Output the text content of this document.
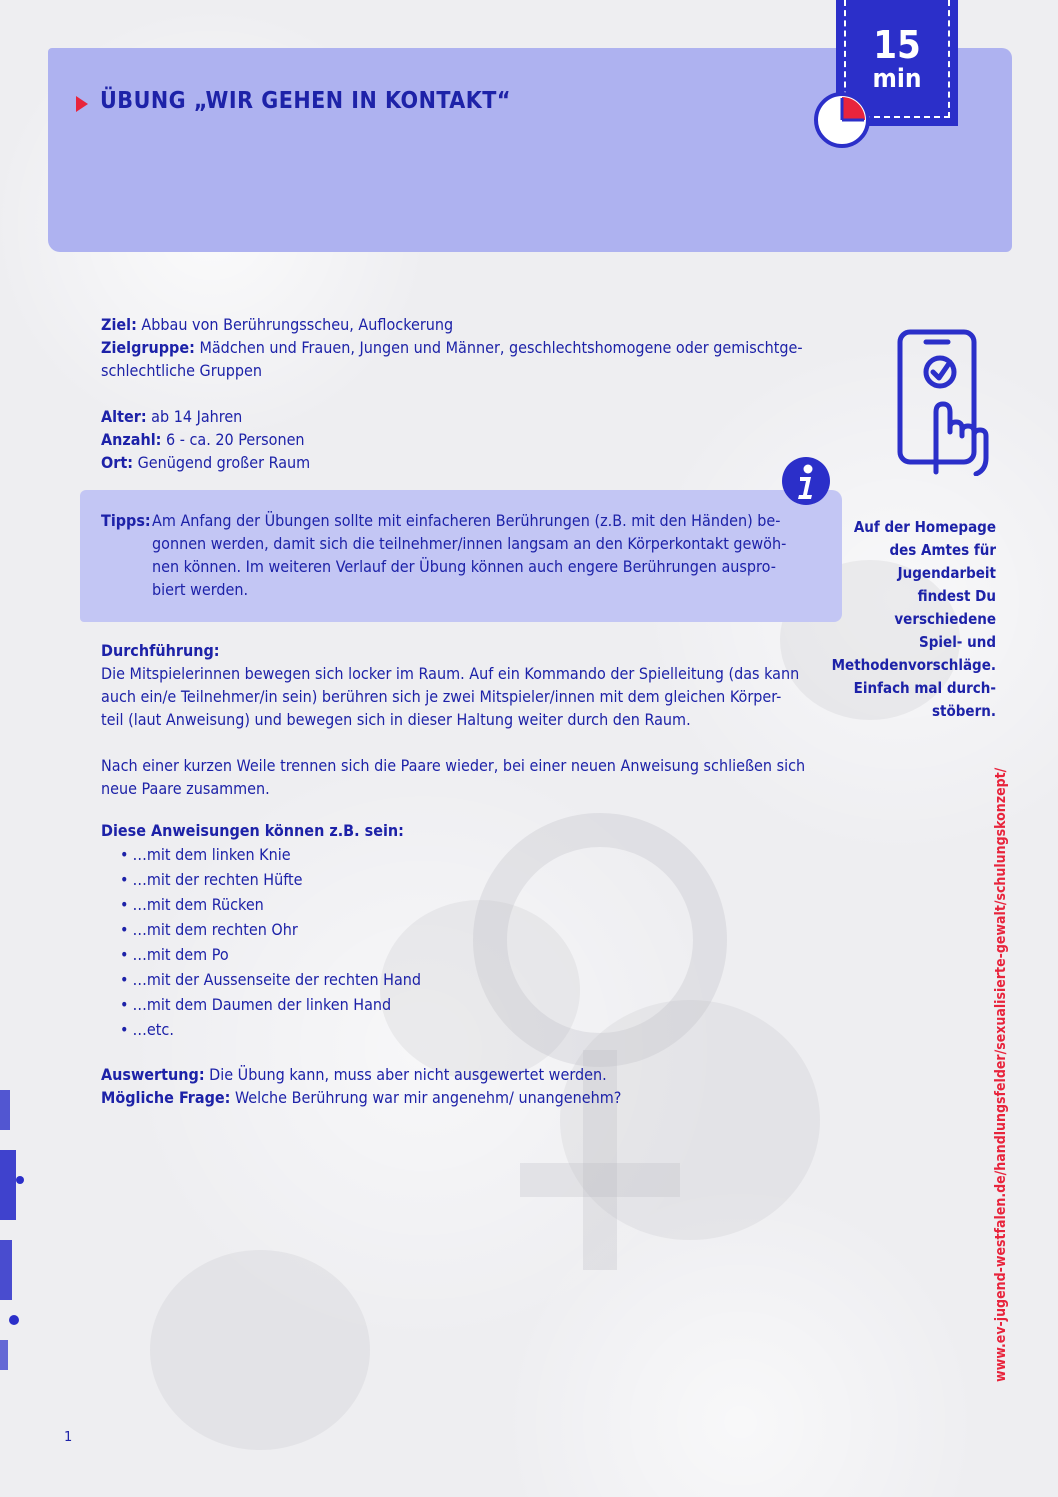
ÜBUNG „WIR GEHEN IN KONTAKT“
15
min

Ziel: Abbau von Berührungsscheu, Auflockerung

Zielgruppe: Mädchen und Frauen, Jungen und Männer, geschlechtshomogene oder gemischtge-

schlechtliche Gruppen

Alter: ab 14 Jahren

Anzahl: 6 - ca. 20 Personen

Ort: Genügend großer Raum

Tipps: Am Anfang der Übungen sollte mit einfacheren Berührungen (z.B. mit den Händen) be-

gonnen werden, damit sich die teilnehmer/innen langsam an den Körperkontakt gewöh-

nen können. Im weiteren Verlauf der Übung können auch engere Berührungen auspro-

biert werden.

Durchführung:

Die Mitspielerinnen bewegen sich locker im Raum. Auf ein Kommando der Spielleitung (das kann

auch ein/e Teilnehmer/in sein) berühren sich je zwei Mitspieler/innen mit dem gleichen Körper-

teil (laut Anweisung) und bewegen sich in dieser Haltung weiter durch den Raum.

Nach einer kurzen Weile trennen sich die Paare wieder, bei einer neuen Anweisung schließen sich

neue Paare zusammen.

Diese Anweisungen können z.B. sein:

• …mit dem linken Knie
• …mit der rechten Hüfte
• …mit dem Rücken
• …mit dem rechten Ohr
• …mit dem Po
• …mit der Aussenseite der rechten Hand
• …mit dem Daumen der linken Hand
• …etc.

Auswertung: Die Übung kann, muss aber nicht ausgewertet werden.

Mögliche Frage: Welche Berührung war mir angenehm/ unangenehm?

Auf der Homepage
des Amtes für
Jugendarbeit
findest Du
verschiedene
Spiel- und
Methodenvorschläge.
Einfach mal durch-
stöbern.

www.ev-jugend-westfalen.de/handlungsfelder/sexualisierte-gewalt/schulungskonzept/

1
